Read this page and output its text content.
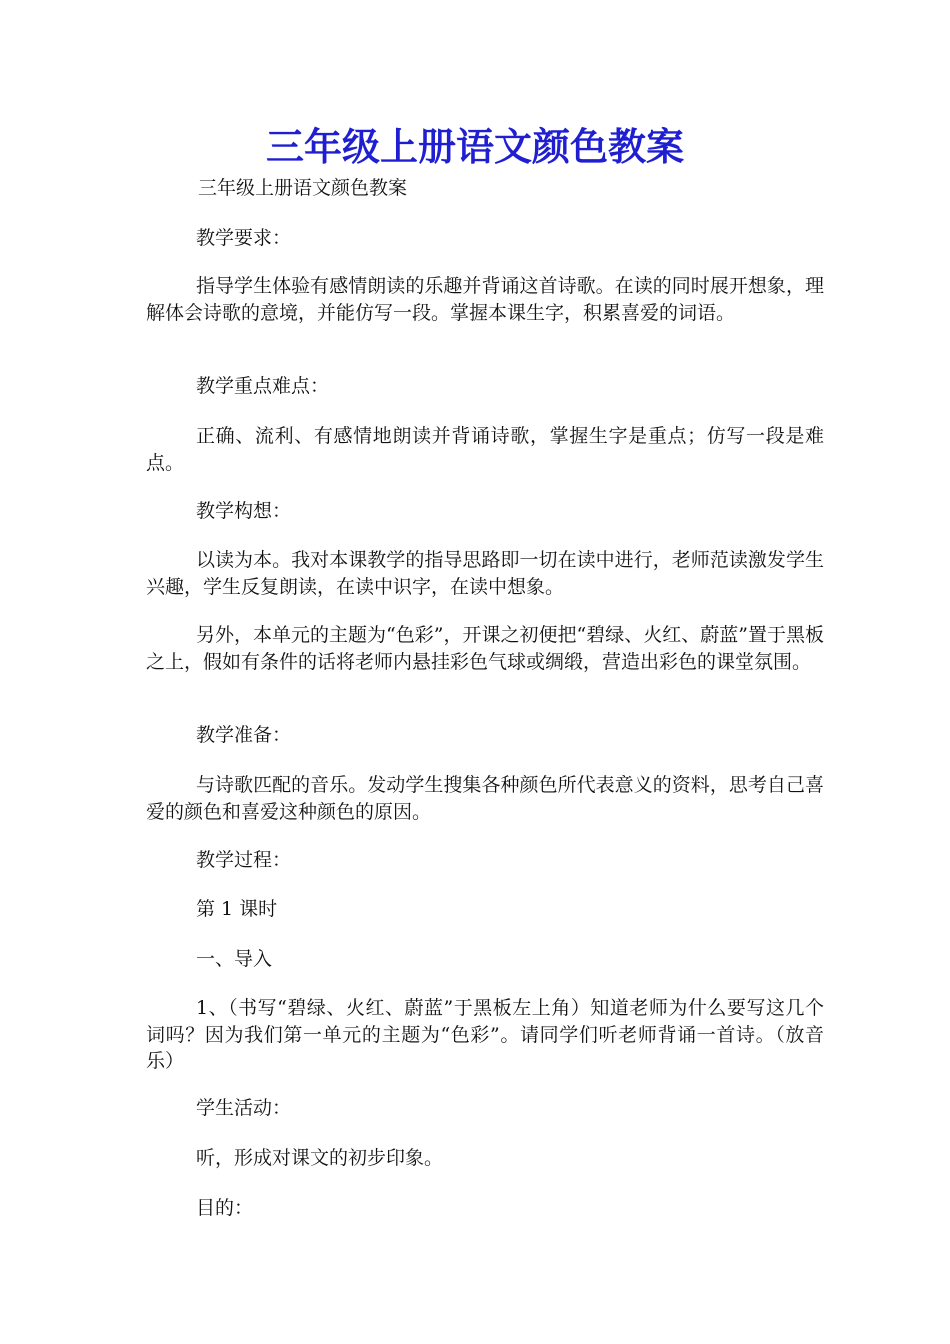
三年级上册语文颜色教案

三年级上册语文颜色教案

教学要求：

指导学生体验有感情朗读的乐趣并背诵这首诗歌。在读的同时展开想象，理解体会诗歌的意境，并能仿写一段。掌握本课生字，积累喜爱的词语。

教学重点难点：

正确、流利、有感情地朗读并背诵诗歌，掌握生字是重点；仿写一段是难点。

教学构想：

以读为本。我对本课教学的指导思路即一切在读中进行，老师范读激发学生兴趣，学生反复朗读，在读中识字，在读中想象。

另外，本单元的主题为“色彩”，开课之初便把“碧绿、火红、蔚蓝”置于黑板之上，假如有条件的话将老师内悬挂彩色气球或绸缎，营造出彩色的课堂氛围。

教学准备：

与诗歌匹配的音乐。发动学生搜集各种颜色所代表意义的资料，思考自己喜爱的颜色和喜爱这种颜色的原因。

教学过程：

第 1 课时

一、导入

1、（书写“碧绿、火红、蔚蓝”于黑板左上角）知道老师为什么要写这几个词吗？因为我们第一单元的主题为“色彩”。请同学们听老师背诵一首诗。（放音乐）

学生活动：

听，形成对课文的初步印象。

目的：
